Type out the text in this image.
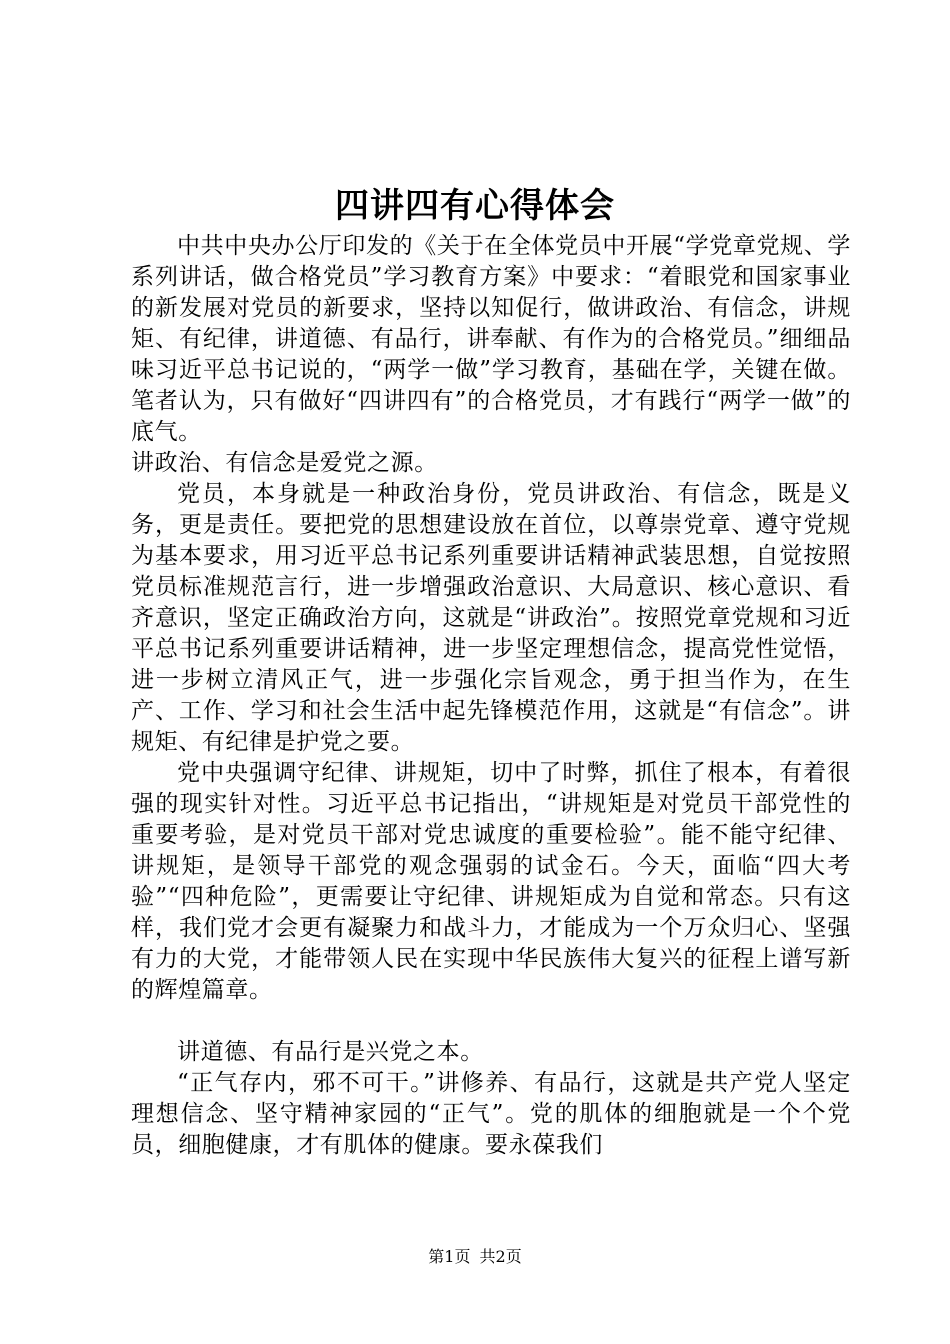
四讲四有心得体会

中共中央办公厅印发的《关于在全体党员中开展“学党章党规、学系列讲话，做合格党员”学习教育方案》中要求：“着眼党和国家事业的新发展对党员的新要求，坚持以知促行，做讲政治、有信念，讲规矩、有纪律，讲道德、有品行，讲奉献、有作为的合格党员。”细细品味习近平总书记说的，“两学一做”学习教育，基础在学，关键在做。笔者认为，只有做好“四讲四有”的合格党员，才有践行“两学一做”的底气。

讲政治、有信念是爱党之源。

党员，本身就是一种政治身份，党员讲政治、有信念，既是义务，更是责任。要把党的思想建设放在首位，以尊崇党章、遵守党规为基本要求，用习近平总书记系列重要讲话精神武装思想，自觉按照党员标准规范言行，进一步增强政治意识、大局意识、核心意识、看齐意识，坚定正确政治方向，这就是“讲政治”。按照党章党规和习近平总书记系列重要讲话精神，进一步坚定理想信念，提高党性觉悟，进一步树立清风正气，进一步强化宗旨观念，勇于担当作为，在生产、工作、学习和社会生活中起先锋模范作用，这就是“有信念”。讲规矩、有纪律是护党之要。

党中央强调守纪律、讲规矩，切中了时弊，抓住了根本，有着很强的现实针对性。习近平总书记指出，“讲规矩是对党员干部党性的重要考验，是对党员干部对党忠诚度的重要检验”。能不能守纪律、讲规矩，是领导干部党的观念强弱的试金石。今天，面临“四大考验”“四种危险”，更需要让守纪律、讲规矩成为自觉和常态。只有这样，我们党才会更有凝聚力和战斗力，才能成为一个万众归心、坚强有力的大党，才能带领人民在实现中华民族伟大复兴的征程上谱写新的辉煌篇章。

讲道德、有品行是兴党之本。

“正气存内，邪不可干。”讲修养、有品行，这就是共产党人坚定理想信念、坚守精神家园的“正气”。党的肌体的细胞就是一个个党员，细胞健康，才有肌体的健康。要永葆我们

第1页 共2页
